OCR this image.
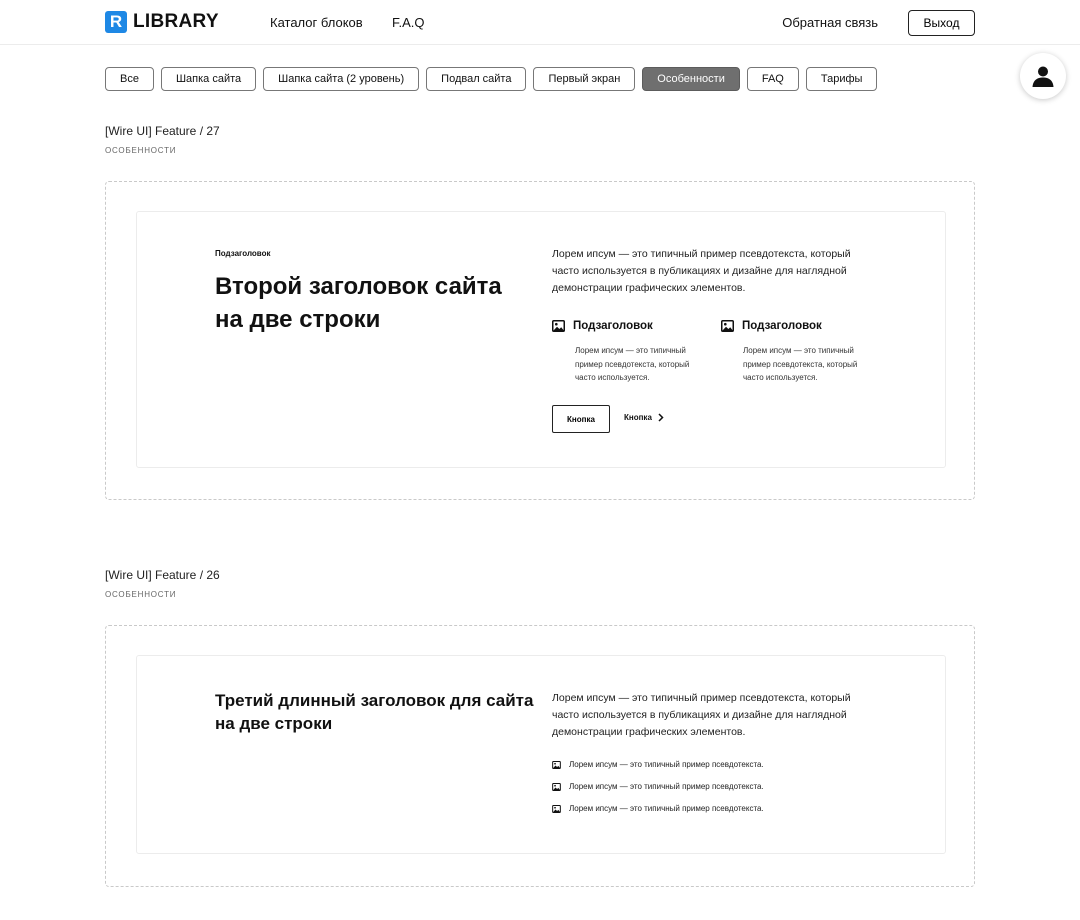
R LIBRARY	Каталог блоков F.A.Q	Обратная связь	Выход
Все	Шапка сайта	Шапка сайта (2 уровень)	Подвал сайта	Первый экран	Особенности	FAQ	Тарифы
[Wire UI] Feature / 27
ОСОБЕННОСТИ
Подзаголовок
Второй заголовок сайта
на две строки
Лорем ипсум — это типичный пример псевдотекста, который
часто используется в публикациях и дизайне для наглядной
демонстрации графических элементов.
Подзаголовок
Лорем ипсум — это типичный
пример псевдотекста, который
часто используется.
Подзаголовок
Лорем ипсум — это типичный
пример псевдотекста, который
часто используется.
Кнопка	Кнопка
[Wire UI] Feature / 26
ОСОБЕННОСТИ
Третий длинный заголовок для сайта
на две строки
Лорем ипсум — это типичный пример псевдотекста, который
часто используется в публикациях и дизайне для наглядной
демонстрации графических элементов.
Лорем ипсум — это типичный пример псевдотекста.
Лорем ипсум — это типичный пример псевдотекста.
Лорем ипсум — это типичный пример псевдотекста.
